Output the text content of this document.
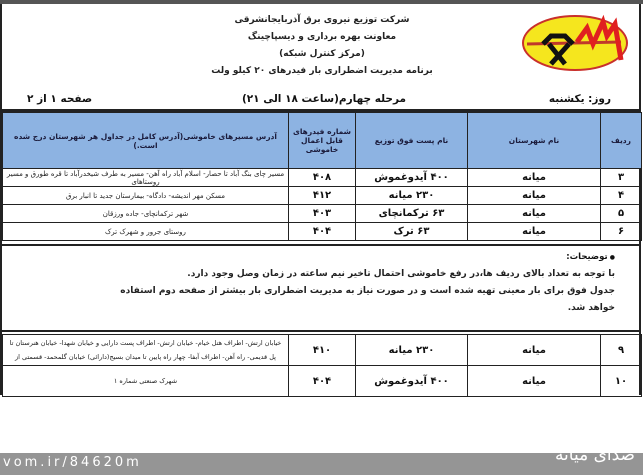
شرکت توزیع نیروی برق آذربایجانشرقی
معاونت بهره برداری و دیسپاچینگ
(مرکز کنترل شبکه)
برنامه مدیریت اضطراری بار فیدرهای ۲۰ کیلو ولت
روز: یکشنبه
مرحله چهارم(ساعت ۱۸ الی ۲۱)
صفحه ۱ از ۲
ردیف	نام شهرستان	نام پست فوق توزیع	شماره فیدرهای قابل اعمال خاموشی	آدرس مسیرهای خاموشی(آدرس کامل در جداول هر شهرستان درج شده است.)
۳	میانه	۴۰۰ آیدوغموش	۴۰۸	مسیر چای بنگ آباد تا حصار- اسلام آباد راه آهن- مسیر به طرف شیخدرآباد تا قره طورق و مسیر روستاهای
۴	میانه	۲۳۰ میانه	۴۱۲	مسکن مهر اندیشه- دادگاه- بیمارستان جدید تا انبار برق
۵	میانه	۶۳ ترکمانچای	۴۰۳	شهر ترکمانچای- جاده ورزقان
۶	میانه	۶۳ ترک	۴۰۴	روستای جرور و شهرک ترک
● توضیحات:

با توجه به تعداد بالای ردیف ها،در رفع خاموشی احتمال تاخیر نیم ساعته در زمان وصل وجود دارد.

جدول فوق برای بار معینی تهیه شده است و در صورت نیاز به مدیریت اضطراری بار بیشتر از صفحه دوم استفاده

خواهد شد.

۹	میانه	۲۳۰ میانه	۴۱۰	خیابان ارتش- اطراف هتل خیام- خیابان ارتش- اطراف پست دارایی و خیابان شهدا- خیابان هنرستان تا پل قدیمی- راه آهن- اطراف آبفا- چهار راه پایین تا میدان بسیج(دارائی) خیابان گلمحمد- قسمتی از
۱۰	میانه	۴۰۰ آیدوغموش	۴۰۴	شهرک صنعتی شماره ۱
vom.ir/84620m	صدای میانه
